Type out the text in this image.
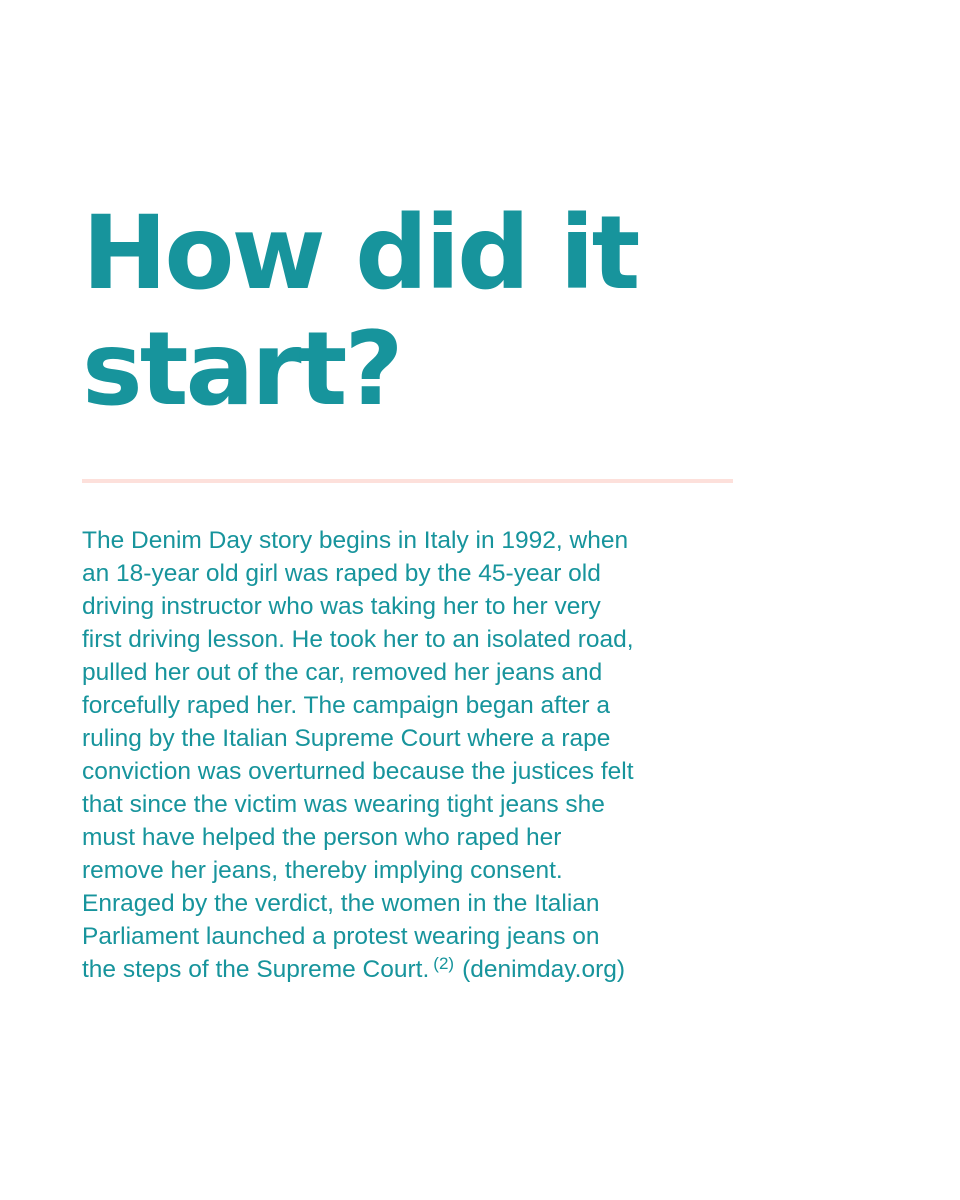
How did it
start?
The Denim Day story begins in Italy in 1992, when
an 18-year old girl was raped by the 45-year old
driving instructor who was taking her to her very
first driving lesson. He took her to an isolated road,
pulled her out of the car, removed her jeans and
forcefully raped her. The campaign began after a
ruling by the Italian Supreme Court where a rape
conviction was overturned because the justices felt
that since the victim was wearing tight jeans she
must have helped the person who raped her
remove her jeans, thereby implying consent.
Enraged by the verdict, the women in the Italian
Parliament launched a protest wearing jeans on
the steps of the Supreme Court. $^{(2)}$ (denimday.org)
